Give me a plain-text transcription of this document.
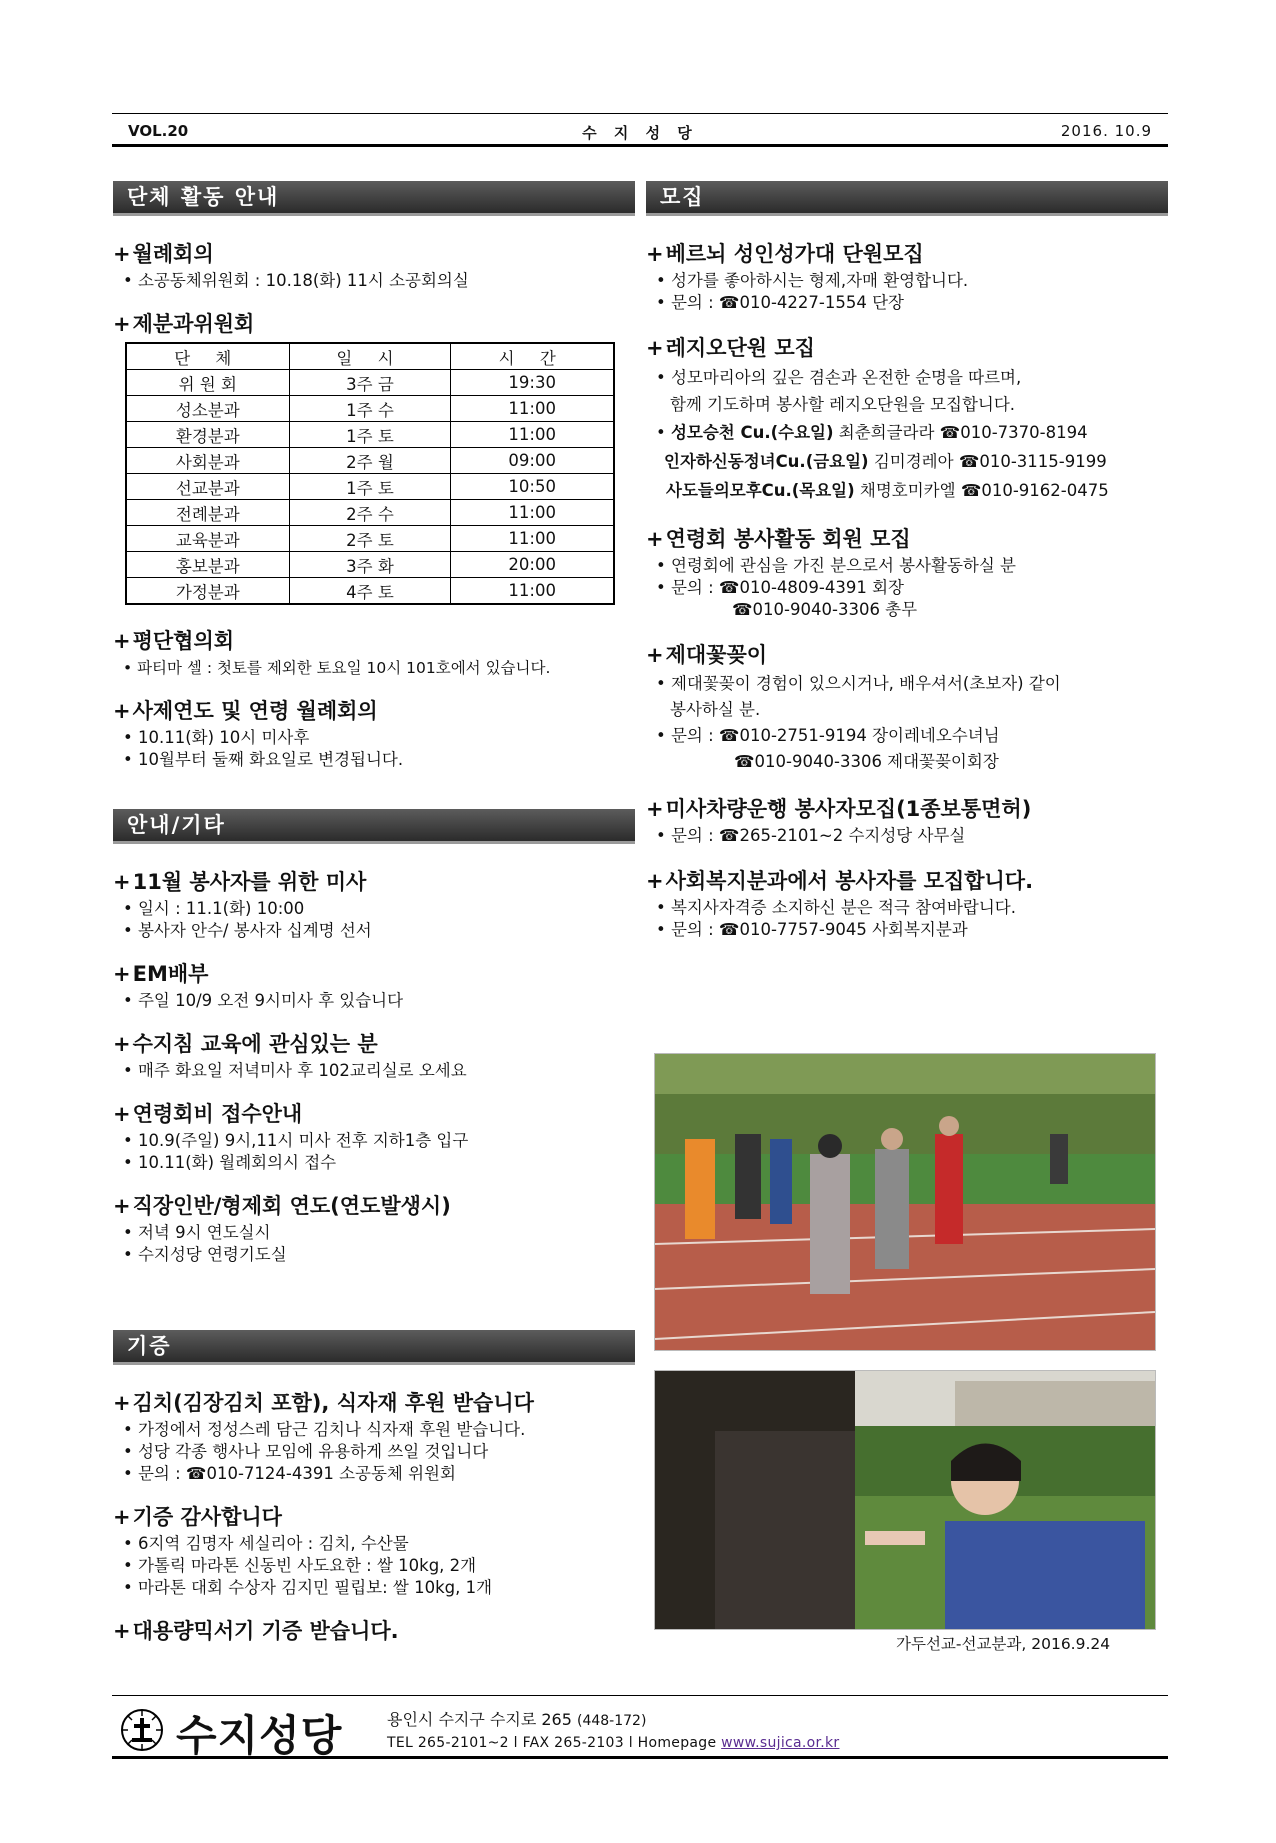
VOL.20	수 지 성 당	2016. 10.9
단체 활동 안내
+월례회의
• 소공동체위원회 : 10.18(화) 11시 소공회의실
+제분과위원회
단 체	일 시	시 간
위 원 회	3주 금	19:30
성소분과	1주 수	11:00
환경분과	1주 토	11:00
사회분과	2주 월	09:00
선교분과	1주 토	10:50
전례분과	2주 수	11:00
교육분과	2주 토	11:00
홍보분과	3주 화	20:00
가정분과	4주 토	11:00
+평단협의회
• 파티마 셀 : 첫토를 제외한 토요일 10시 101호에서 있습니다.
+사제연도 및 연령 월례회의
• 10.11(화) 10시 미사후
• 10월부터 둘째 화요일로 변경됩니다.
안내/기타
+11월 봉사자를 위한 미사
• 일시 : 11.1(화) 10:00
• 봉사자 안수/ 봉사자 십계명 선서
+EM배부
• 주일 10/9 오전 9시미사 후 있습니다
+수지침 교육에 관심있는 분
• 매주 화요일 저녁미사 후 102교리실로 오세요
+연령회비 접수안내
• 10.9(주일) 9시,11시 미사 전후 지하1층 입구
• 10.11(화) 월례회의시 접수
+직장인반/형제회 연도(연도발생시)
• 저녁 9시 연도실시
• 수지성당 연령기도실
기증
+김치(김장김치 포함), 식자재 후원 받습니다
• 가정에서 정성스레 담근 김치나 식자재 후원 받습니다.
• 성당 각종 행사나 모임에 유용하게 쓰일 것입니다
• 문의 : ☎010-7124-4391 소공동체 위원회
+기증 감사합니다
• 6지역 김명자 세실리아 : 김치, 수산물
• 가톨릭 마라톤 신동빈 사도요한 : 쌀 10kg, 2개
• 마라톤 대회 수상자 김지민 필립보: 쌀 10kg, 1개
+대용량믹서기 기증 받습니다.
모집
+베르뇌 성인성가대 단원모집
• 성가를 좋아하시는 형제,자매 환영합니다.
• 문의 : ☎010-4227-1554 단장
+레지오단원 모집
• 성모마리아의 깊은 겸손과 온전한 순명을 따르며,
함께 기도하며 봉사할 레지오단원을 모집합니다.
• 성모승천 Cu.(수요일) 최춘희글라라 ☎010-7370-8194
인자하신동정녀Cu.(금요일) 김미경레아 ☎010-3115-9199
사도들의모후Cu.(목요일) 채명호미카엘 ☎010-9162-0475
+연령회 봉사활동 회원 모집
• 연령회에 관심을 가진 분으로서 봉사활동하실 분
• 문의 : ☎010-4809-4391 회장
☎010-9040-3306 총무
+제대꽃꽂이
• 제대꽃꽂이 경험이 있으시거나, 배우셔서(초보자) 같이
봉사하실 분.
• 문의 : ☎010-2751-9194 장이레네오수녀님
☎010-9040-3306 제대꽃꽂이회장
+미사차량운행 봉사자모집(1종보통면허)
• 문의 : ☎265-2101~2 수지성당 사무실
+사회복지분과에서 봉사자를 모집합니다.
• 복지사자격증 소지하신 분은 적극 참여바랍니다.
• 문의 : ☎010-7757-9045 사회복지분과
가두선교-선교분과, 2016.9.24
수지성당	용인시 수지구 수지로 265 (448-172)
TEL 265-2101~2 l FAX 265-2103 l Homepage www.sujica.or.kr
